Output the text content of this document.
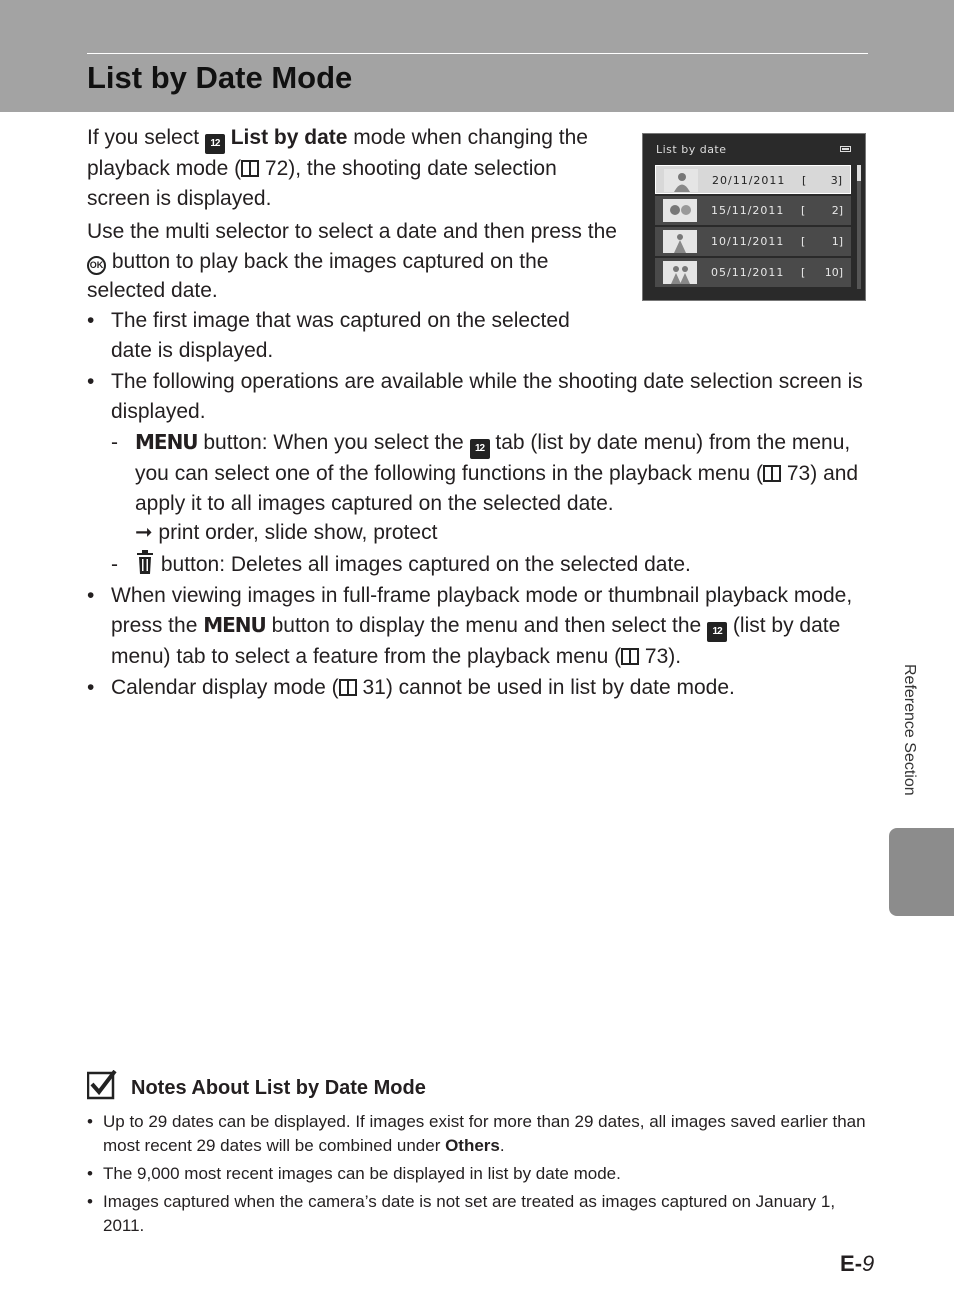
List by Date Mode

If you select 12 List by date mode when changing the playback mode ( 72), the shooting date selection screen is displayed.

Use the multi selector to select a date and then press the OK button to play back the images captured on the selected date.

List by date
20/11/2011 [ 3]
15/11/2011 [ 2]
10/11/2011 [ 1]
05/11/2011 [ 10]
• The first image that was captured on the selected date is displayed.
• The following operations are available while the shooting date selection screen is displayed.
- MENU button: When you select the 12 tab (list by date menu) from the menu, you can select one of the following functions in the playback menu ( 73) and apply it to all images captured on the selected date.
➞ print order, slide show, protect
- button: Deletes all images captured on the selected date.
• When viewing images in full-frame playback mode or thumbnail playback mode, press the MENU button to display the menu and then select the 12 (list by date menu) tab to select a feature from the playback menu ( 73).
• Calendar display mode ( 31) cannot be used in list by date mode.	Reference Section
Notes About List by Date Mode
• Up to 29 dates can be displayed. If images exist for more than 29 dates, all images saved earlier than most recent 29 dates will be combined under Others.
• The 9,000 most recent images can be displayed in list by date mode.
• Images captured when the camera’s date is not set are treated as images captured on January 1, 2011.
E-9
